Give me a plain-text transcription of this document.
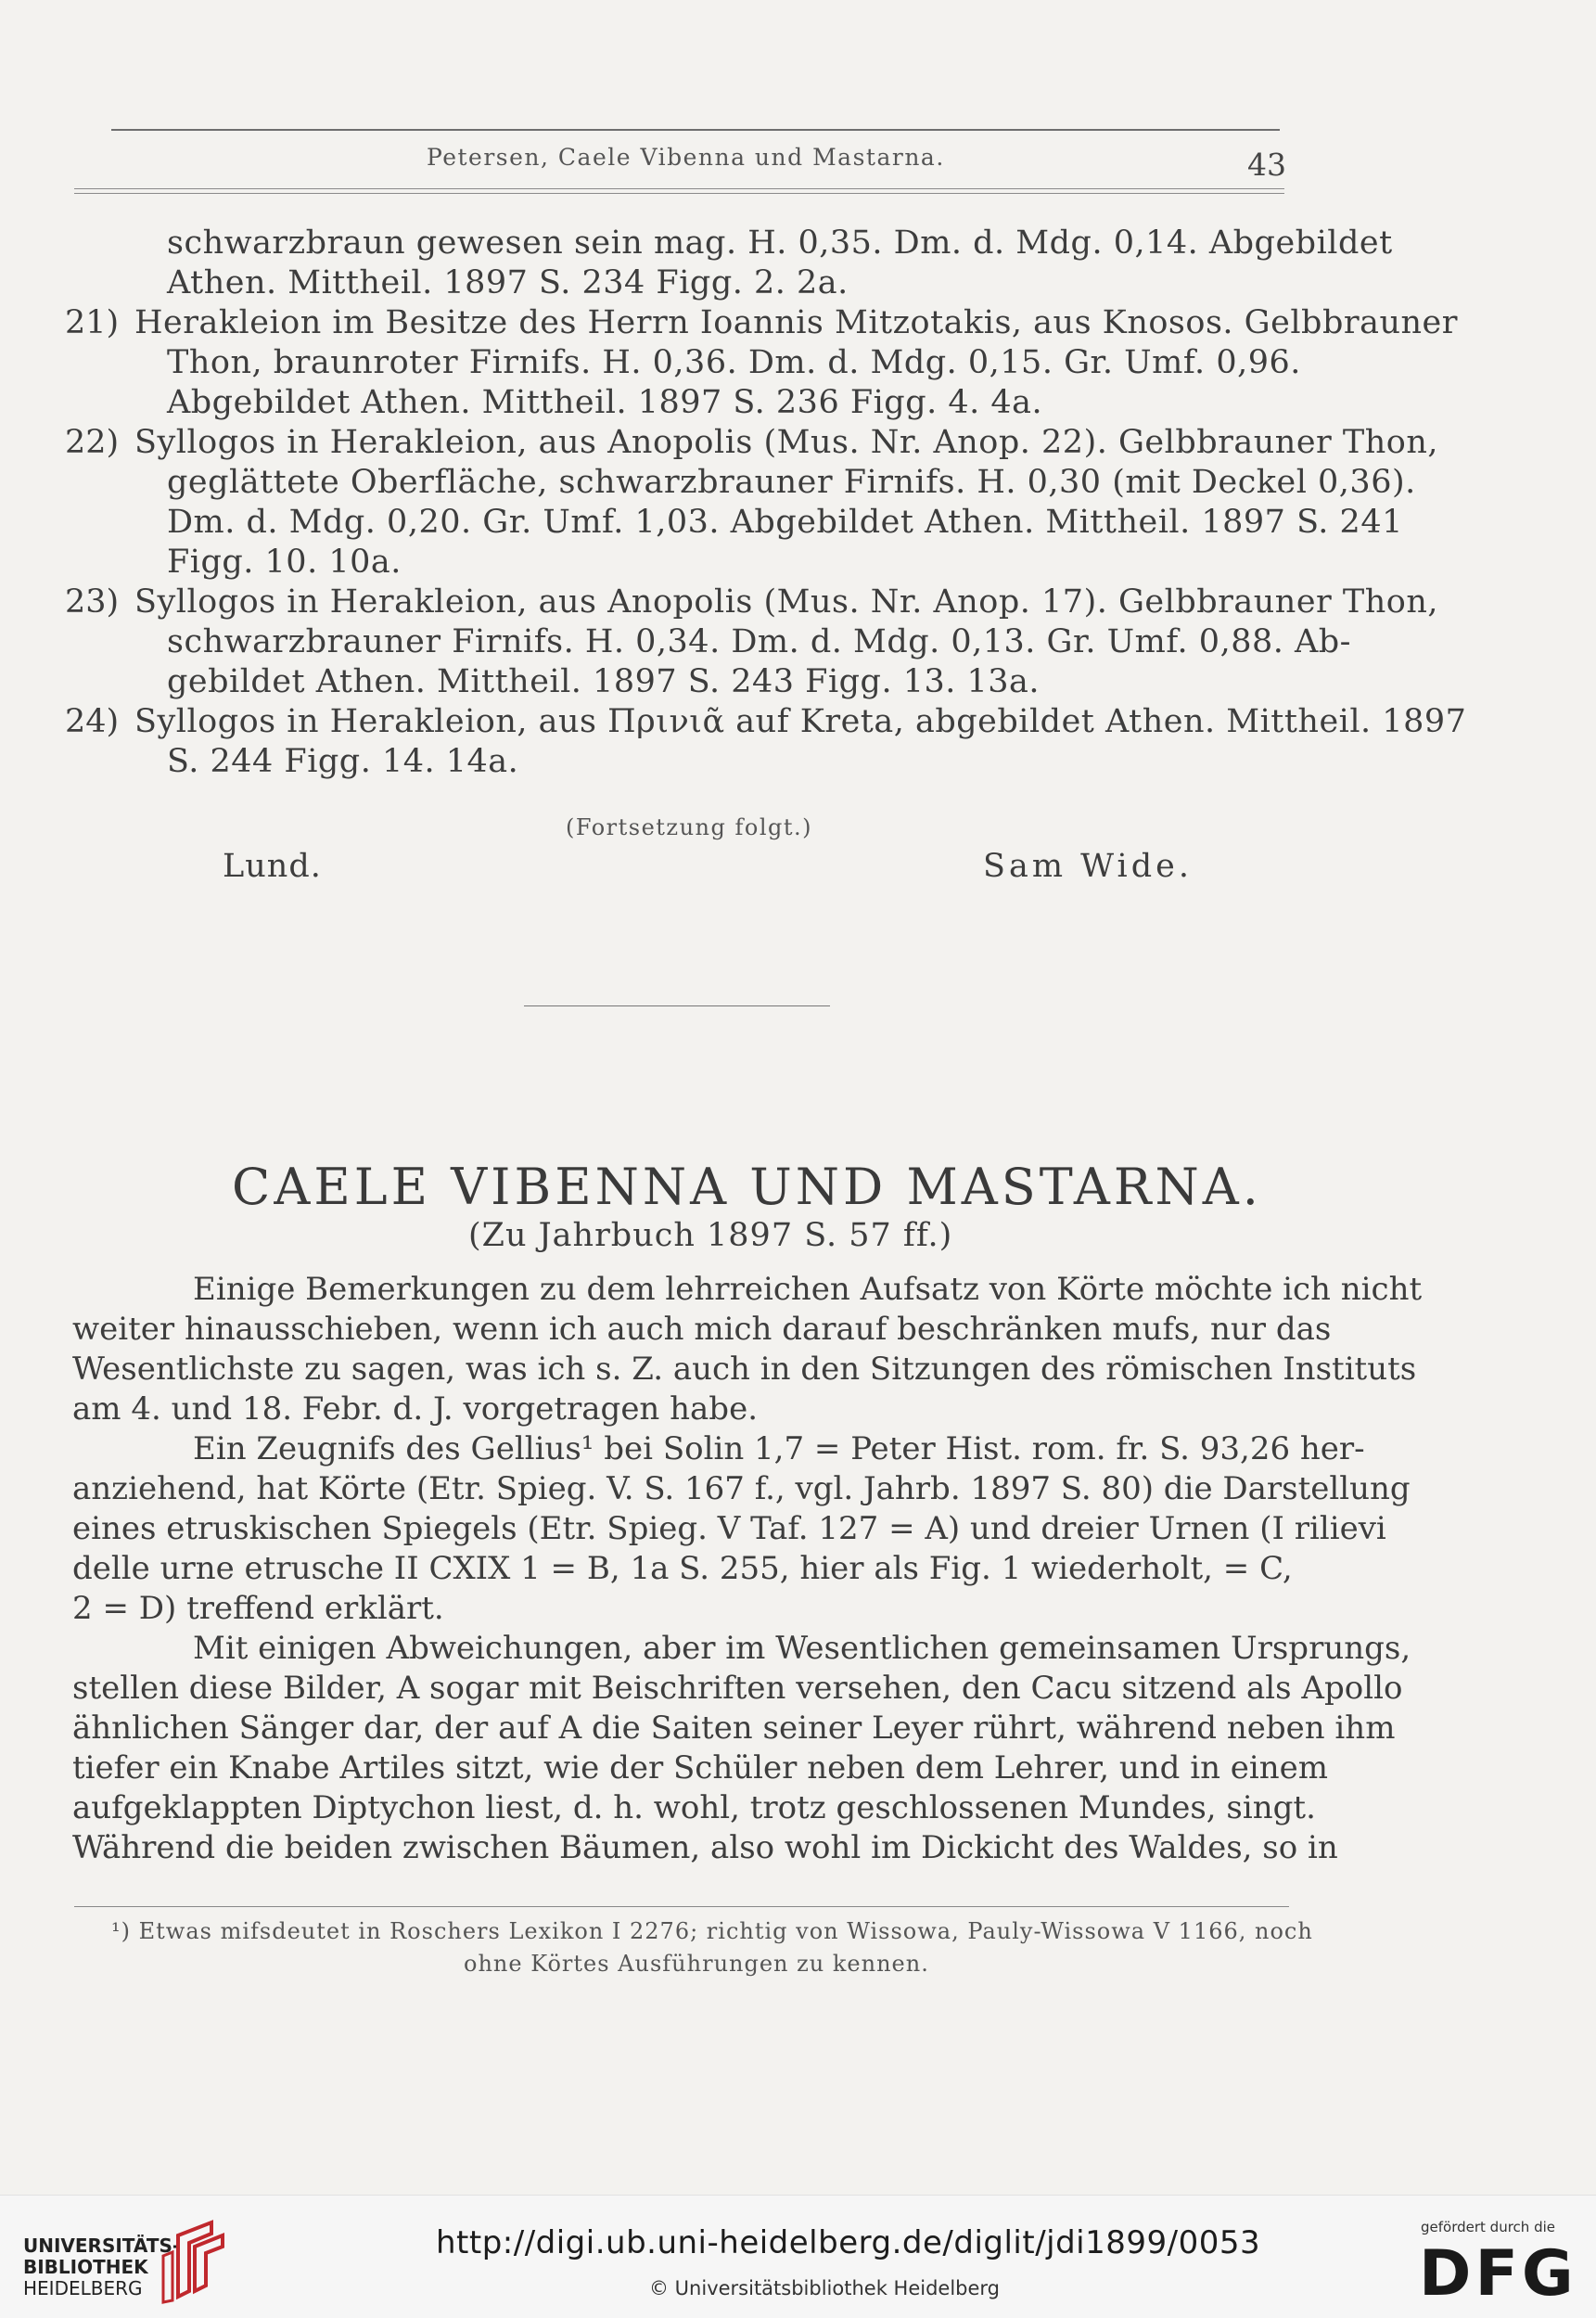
Petersen, Caele Vibenna und Mastarna.	43
schwarzbraun gewesen sein mag. H. 0,35. Dm. d. Mdg. 0,14. Abgebildet
Athen. Mittheil. 1897 S. 234 Figg. 2. 2a.
21) Herakleion im Besitze des Herrn Ioannis Mitzotakis, aus Knosos. Gelbbrauner
Thon, braunroter Firnifs. H. 0,36. Dm. d. Mdg. 0,15. Gr. Umf. 0,96.
Abgebildet Athen. Mittheil. 1897 S. 236 Figg. 4. 4a.
22) Syllogos in Herakleion, aus Anopolis (Mus. Nr. Anop. 22). Gelbbrauner Thon,
geglättete Oberfläche, schwarzbrauner Firnifs. H. 0,30 (mit Deckel 0,36).
Dm. d. Mdg. 0,20. Gr. Umf. 1,03. Abgebildet Athen. Mittheil. 1897 S. 241
Figg. 10. 10a.
23) Syllogos in Herakleion, aus Anopolis (Mus. Nr. Anop. 17). Gelbbrauner Thon,
schwarzbrauner Firnifs. H. 0,34. Dm. d. Mdg. 0,13. Gr. Umf. 0,88. Ab-
gebildet Athen. Mittheil. 1897 S. 243 Figg. 13. 13a.
24) Syllogos in Herakleion, aus Πρινιᾶ auf Kreta, abgebildet Athen. Mittheil. 1897
S. 244 Figg. 14. 14a.
(Fortsetzung folgt.)
Lund.	Sam Wide.
CAELE VIBENNA UND MASTARNA.
(Zu Jahrbuch 1897 S. 57 ff.)
Einige Bemerkungen zu dem lehrreichen Aufsatz von Körte möchte ich nicht
weiter hinausschieben, wenn ich auch mich darauf beschränken mufs, nur das
Wesentlichste zu sagen, was ich s. Z. auch in den Sitzungen des römischen Instituts
am 4. und 18. Febr. d. J. vorgetragen habe.
Ein Zeugnifs des Gellius¹ bei Solin 1,7 = Peter Hist. rom. fr. S. 93,26 her-
anziehend, hat Körte (Etr. Spieg. V. S. 167 f., vgl. Jahrb. 1897 S. 80) die Darstellung
eines etruskischen Spiegels (Etr. Spieg. V Taf. 127 = A) und dreier Urnen (I rilievi
delle urne etrusche II CXIX 1 = B, 1a S. 255, hier als Fig. 1 wiederholt, = C,
2 = D) treffend erklärt.
Mit einigen Abweichungen, aber im Wesentlichen gemeinsamen Ursprungs,
stellen diese Bilder, A sogar mit Beischriften versehen, den Cacu sitzend als Apollo
ähnlichen Sänger dar, der auf A die Saiten seiner Leyer rührt, während neben ihm
tiefer ein Knabe Artiles sitzt, wie der Schüler neben dem Lehrer, und in einem
aufgeklappten Diptychon liest, d. h. wohl, trotz geschlossenen Mundes, singt.
Während die beiden zwischen Bäumen, also wohl im Dickicht des Waldes, so in
¹) Etwas mifsdeutet in Roschers Lexikon I 2276; richtig von Wissowa, Pauly-Wissowa V 1166, noch
ohne Körtes Ausführungen zu kennen.
UNIVERSITÄTS-
BIBLIOTHEK
HEIDELBERG
http://digi.ub.uni-heidelberg.de/diglit/jdi1899/0053
© Universitätsbibliothek Heidelberg
gefördert durch die
DFG
